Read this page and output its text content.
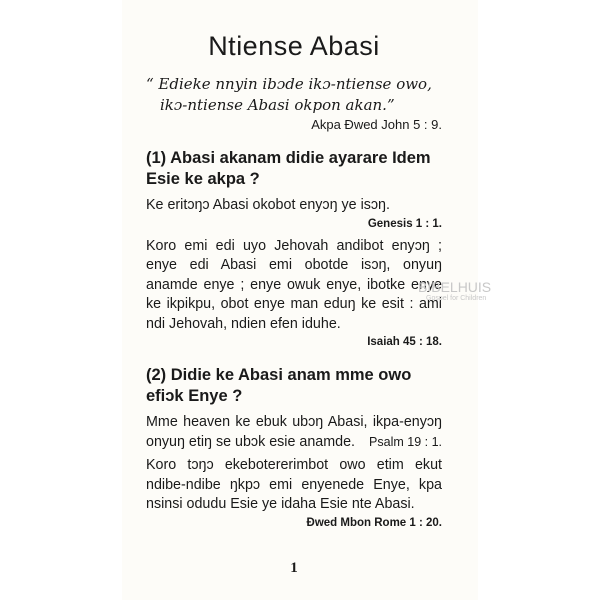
Ntiense Abasi

“ Edieke nnyin ibɔde ikɔ-ntiense owo,
ikɔ-ntiense Abasi okpon akan.”

Akpa Ɖwed John 5 : 9.
(1) Abasi akanam didie ayarare Idem Esie ke akpa ?

Ke eritɔŋɔ Abasi okobot enyɔŋ ye isɔŋ.

Genesis 1 : 1.

Koro emi edi uyo Jehovah andibot enyɔŋ ; enye edi Abasi emi obotde isɔŋ, onyuŋ anamde enye ; enye owuk enye, ibotke enye ke ikpikpu, obot enye man eduŋ ke esit : ami ndi Jehovah, ndien efen iduhe.

Isaiah 45 : 18.
(2) Didie ke Abasi anam mme owo efiɔk Enye ?

Mme heaven ke ebuk ubɔŋ Abasi, ikpa-enyɔŋ onyuŋ etiŋ se ubɔk esie anamde. Psalm 19 : 1.

Koro tɔŋɔ ekebotererimbot owo etim ekut ndibe-ndibe ŋkpɔ emi enyenede Enye, kpa nsinsi odudu Esie ye idaha Esie nte Abasi.

Ɖwed Mbon Rome 1 : 20.
1
BIBELHUIS
Gospel for Children
